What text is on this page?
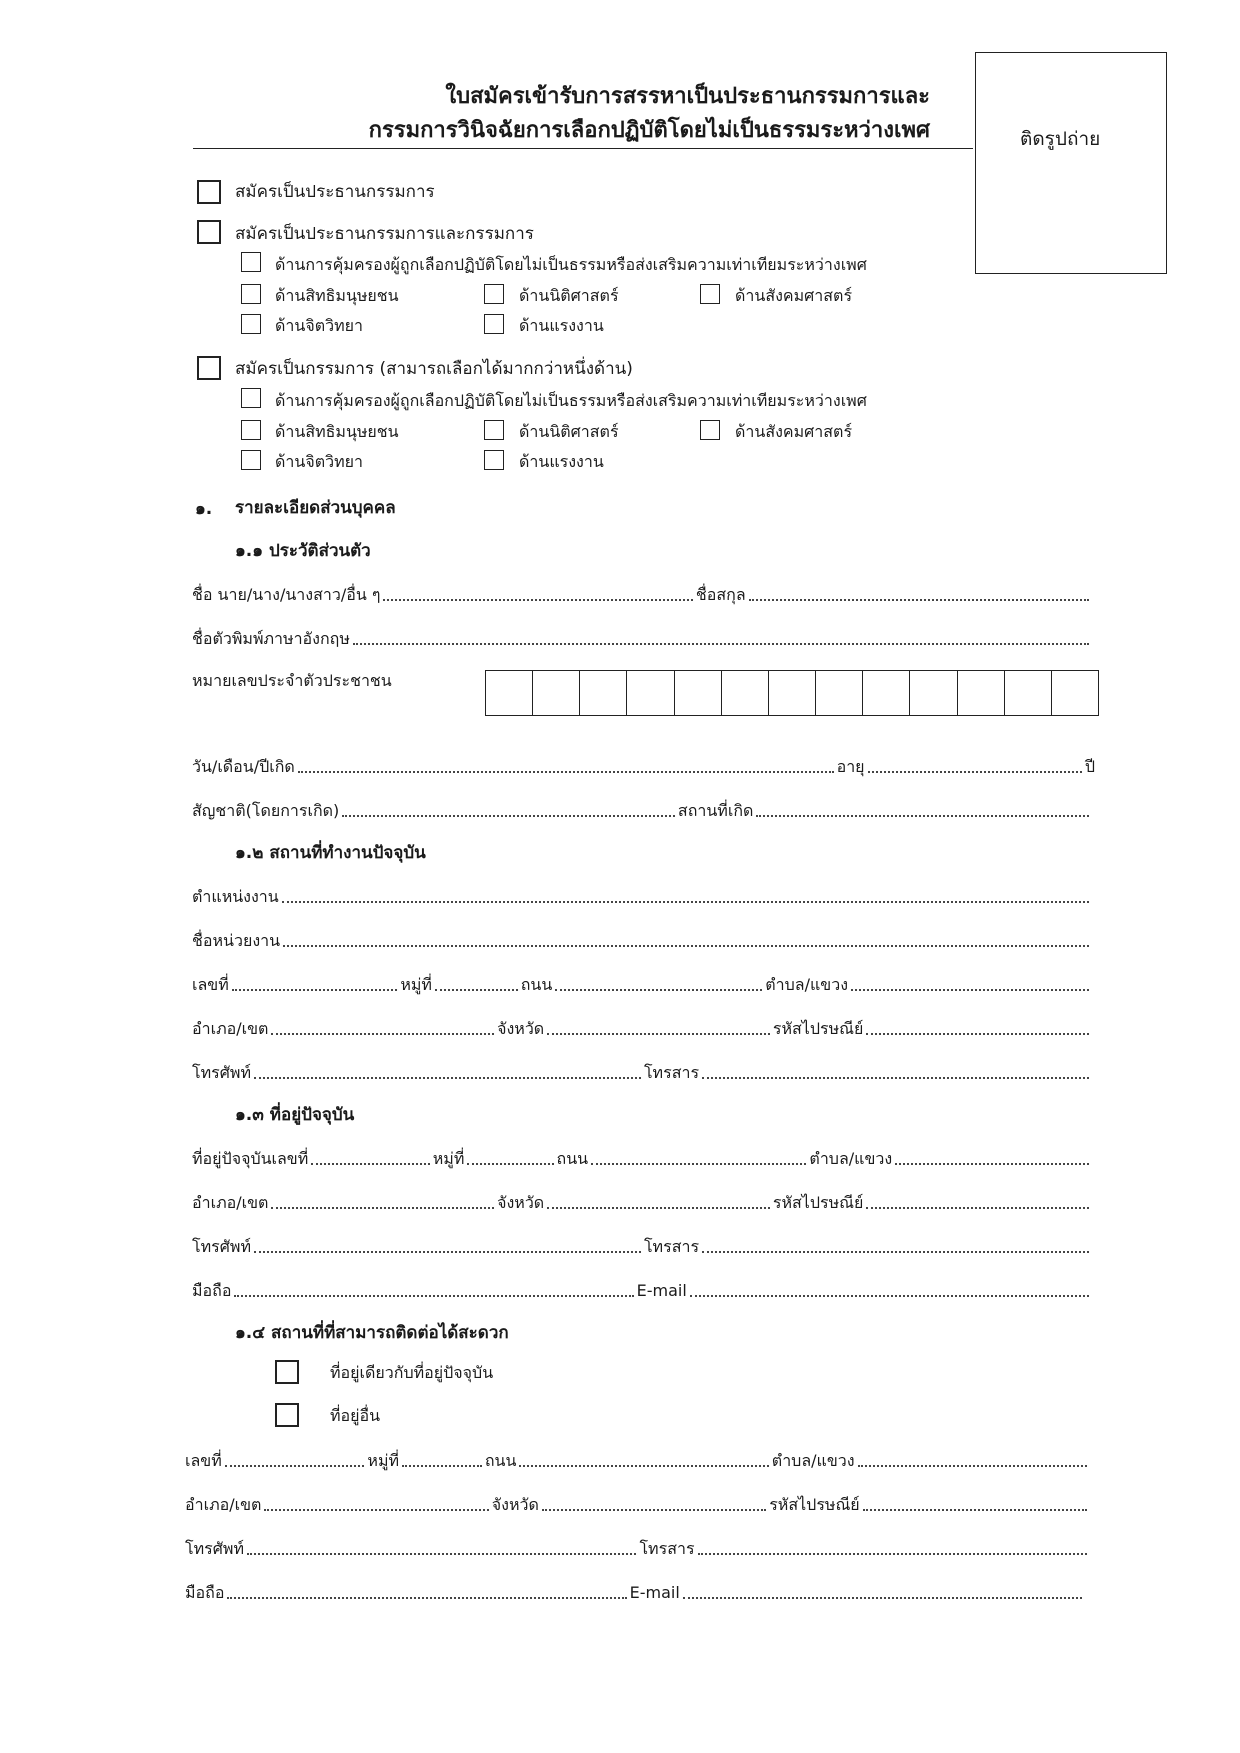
ใบสมัครเข้ารับการสรรหาเป็นประธานกรรมการและ
กรรมการวินิจฉัยการเลือกปฏิบัติโดยไม่เป็นธรรมระหว่างเพศ	ติดรูปถ่าย
สมัครเป็นประธานกรรมการ
สมัครเป็นประธานกรรมการและกรรมการ
ด้านการคุ้มครองผู้ถูกเลือกปฏิบัติโดยไม่เป็นธรรมหรือส่งเสริมความเท่าเทียมระหว่างเพศ
ด้านสิทธิมนุษยชน	ด้านนิติศาสตร์	ด้านสังคมศาสตร์
ด้านจิตวิทยา	ด้านแรงงาน
สมัครเป็นกรรมการ (สามารถเลือกได้มากกว่าหนึ่งด้าน)
ด้านการคุ้มครองผู้ถูกเลือกปฏิบัติโดยไม่เป็นธรรมหรือส่งเสริมความเท่าเทียมระหว่างเพศ
ด้านสิทธิมนุษยชน	ด้านนิติศาสตร์	ด้านสังคมศาสตร์
ด้านจิตวิทยา	ด้านแรงงาน
๑. รายละเอียดส่วนบุคคล
๑.๑ ประวัติส่วนตัว
ชื่อ นาย/นาง/นางสาว/อื่น ๆ	ชื่อสกุล
ชื่อตัวพิมพ์ภาษาอังกฤษ
หมายเลขประจำตัวประชาชน
วัน/เดือน/ปีเกิด	อายุ	ปี
สัญชาติ(โดยการเกิด)	สถานที่เกิด
๑.๒ สถานที่ทำงานปัจจุบัน
ตำแหน่งงาน
ชื่อหน่วยงาน
เลขที่	หมู่ที่	ถนน	ตำบล/แขวง
อำเภอ/เขต	จังหวัด	รหัสไปรษณีย์
โทรศัพท์	โทรสาร
๑.๓ ที่อยู่ปัจจุบัน
ที่อยู่ปัจจุบันเลขที่	หมู่ที่	ถนน	ตำบล/แขวง
อำเภอ/เขต	จังหวัด	รหัสไปรษณีย์
โทรศัพท์	โทรสาร
มือถือ	E-mail
๑.๔ สถานที่ที่สามารถติดต่อได้สะดวก
ที่อยู่เดียวกับที่อยู่ปัจจุบัน
ที่อยู่อื่น
เลขที่	หมู่ที่	ถนน	ตำบล/แขวง
อำเภอ/เขต	จังหวัด	รหัสไปรษณีย์
โทรศัพท์	โทรสาร
มือถือ	E-mail
